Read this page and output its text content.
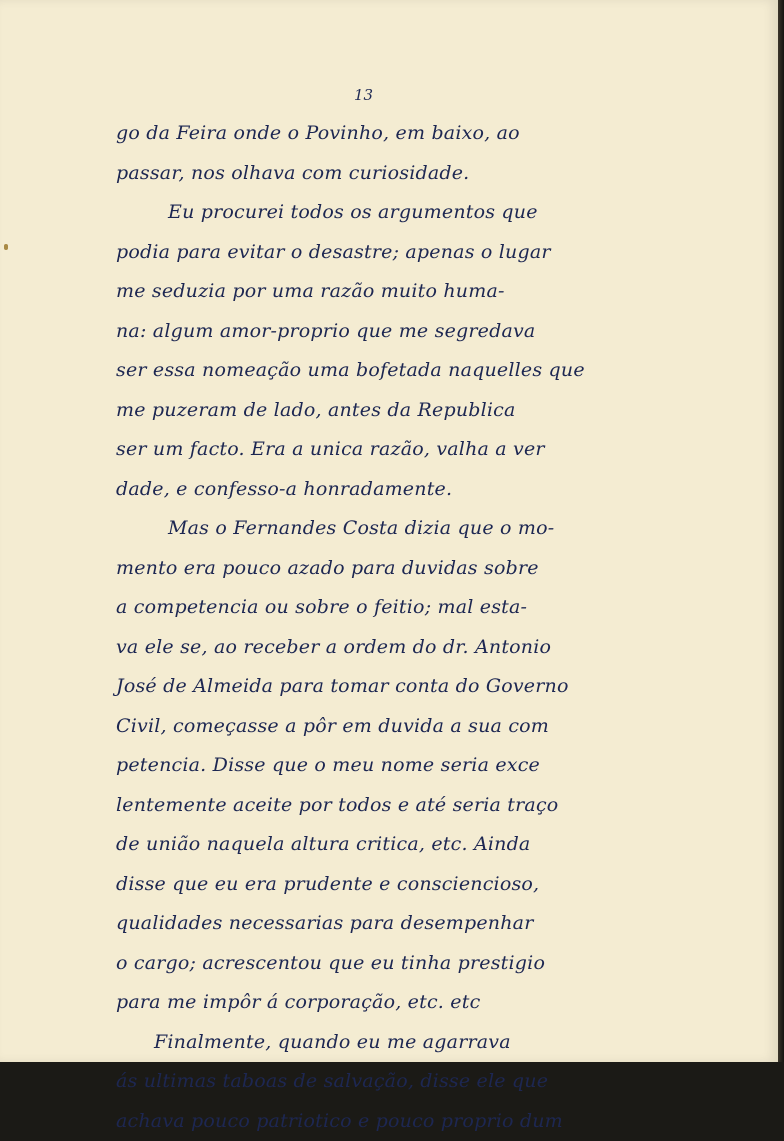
13
go da Feira onde o Povinho, em baixo, ao
passar, nos olhava com curiosidade.
Eu procurei todos os argumentos que
podia para evitar o desastre; apenas o lugar
me seduzia por uma razão muito huma-
na: algum amor-proprio que me segredava
ser essa nomeação uma bofetada naquelles que
me puzeram de lado, antes da Republica
ser um facto. Era a unica razão, valha a ver
dade, e confesso-a honradamente.
Mas o Fernandes Costa dizia que o mo-
mento era pouco azado para duvidas sobre
a competencia ou sobre o feitio; mal esta-
va ele se, ao receber a ordem do dr. Antonio
José de Almeida para tomar conta do Governo
Civil, começasse a pôr em duvida a sua com
petencia. Disse que o meu nome seria exce
lentemente aceite por todos e até seria traço
de união naquela altura critica, etc. Ainda
disse que eu era prudente e consciencioso,
qualidades necessarias para desempenhar
o cargo; acrescentou que eu tinha prestigio
para me impôr á corporação, etc. etc
Finalmente, quando eu me agarrava
ás ultimas taboas de salvação, disse ele que
achava pouco patriotico e pouco proprio dum
